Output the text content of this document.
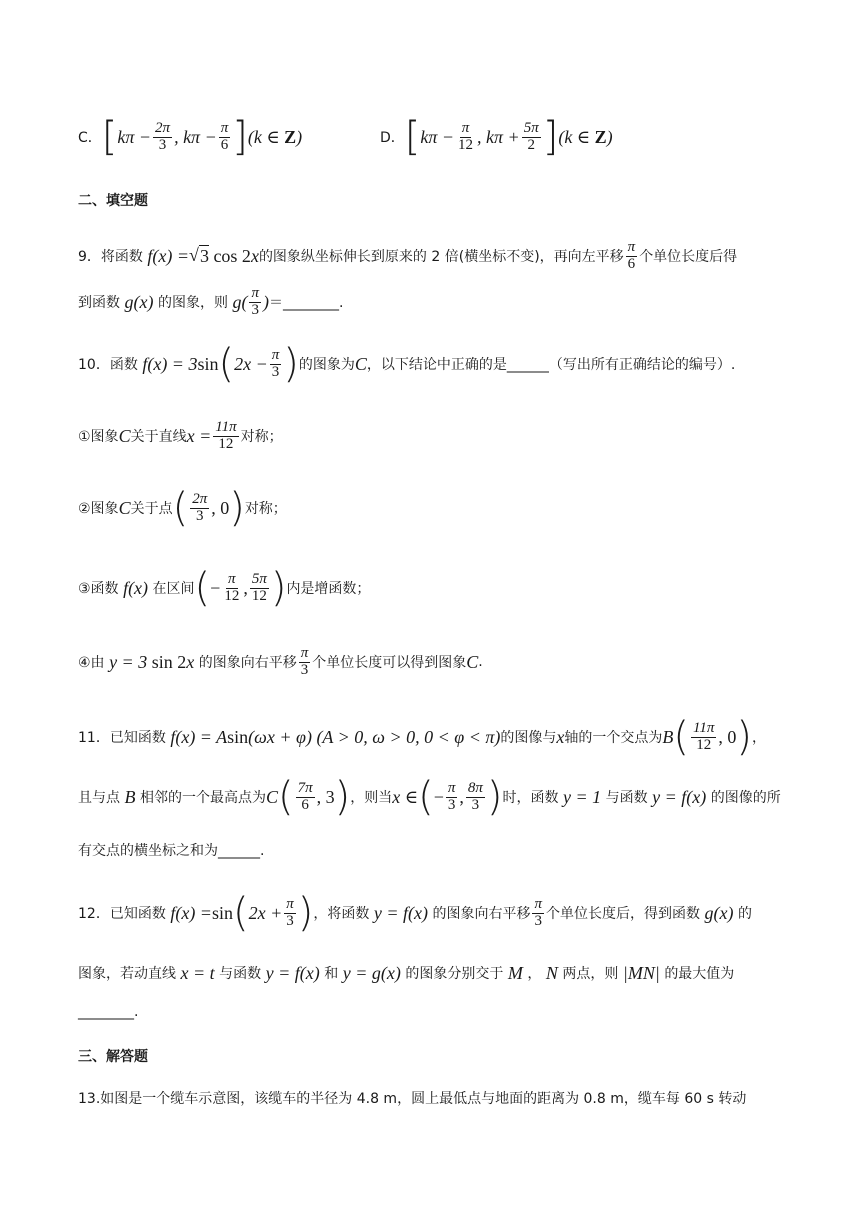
C． [ $k\pi - \frac{2\pi}{3}$ , $k\pi - \frac{\pi}{6}$ ] (k ∈ Z)	D． [ $k\pi - \frac{\pi}{12}$ , $k\pi + \frac{5\pi}{2}$ ] (k ∈ Z)
二、填空题
9．将函数 f(x) = √ 3 cos 2 x 的图象纵坐标伸长到原来的 2 倍(横坐标不变)，再向左平移 $\frac{\pi}{6}$ 个单位长度后得
到函数 g(x) 的图象，则 $g( \frac{\pi}{3}$ ) ＝________.
10．函数 f(x) = 3 sin ( $2x - \frac{\pi}{3}$ ) 的图象为 C ，以下结论中正确的是______（写出所有正确结论的编号）.
①图象 C 关于直线 $x = \frac{11\pi}{12}$ 对称；
②图象 C 关于点 ( $\frac{2\pi}{3}$ , 0 ) 对称；
③函数 f(x) 在区间 ( − $\frac{\pi}{12}$ , $\frac{5\pi}{12}$ ) 内是增函数；
④由 y = 3 sin 2 x 的图象向右平移 $\frac{\pi}{3}$ 个单位长度可以得到图象 C .
11．已知函数 f(x) = A sin (ωx + φ) (A > 0, ω > 0, 0 < φ < π) 的图像与 x 轴的一个交点为 B ( $\frac{11\pi}{12}$ , 0 ) ，
且与点 B 相邻的一个最高点为 C ( $\frac{7\pi}{6}$ , 3 ) ，则当 x ∈ ( − $\frac{\pi}{3}$ , $\frac{8\pi}{3}$ ) 时，函数 y = 1 与函数 y = f(x) 的图像的所
有交点的横坐标之和为______.
12．已知函数 f(x) = sin ( $2x + \frac{\pi}{3}$ ) ，将函数 y = f(x) 的图象向右平移 $\frac{\pi}{3}$ 个单位长度后，得到函数 g(x) 的
图象，若动直线 x = t 与函数 y = f(x) 和 y = g(x) 的图象分别交于 M ， N 两点，则 |MN| 的最大值为
________.
三、解答题
13.如图是一个缆车示意图，该缆车的半径为 4.8 m，圆上最低点与地面的距离为 0.8 m，缆车每 60 s 转动
